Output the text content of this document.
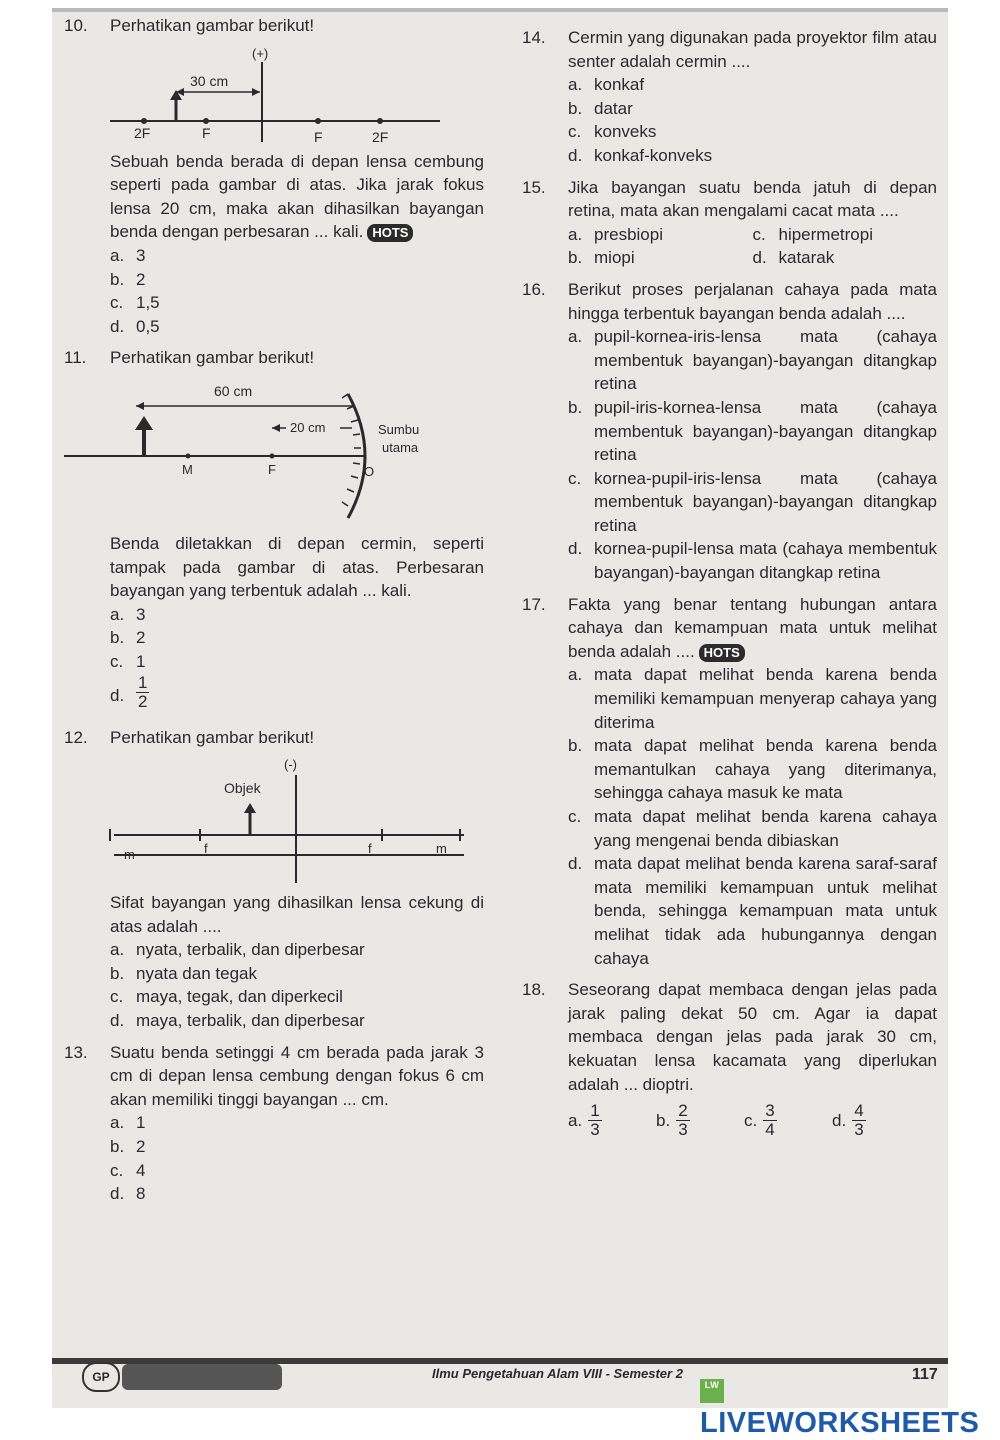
10. Perhatikan gambar berikut!
(+)
30 cm
2F	F	F	2F
Sebuah benda berada di depan lensa cembung seperti pada gambar di atas. Jika jarak fokus lensa 20 cm, maka akan dihasilkan bayangan benda dengan perbesaran ... kali. HOTS
a. 3
b. 2
c. 1,5
d. 0,5
11. Perhatikan gambar berikut!
60 cm
20 cm	Sumbu
utama
M	F	O
Benda diletakkan di depan cermin, seperti tampak pada gambar di atas. Perbesaran bayangan yang terbentuk adalah ... kali.
a. 3
b. 2
c. 1
d. $\frac{1}{2}$
12. Perhatikan gambar berikut!
(-)
Objek
m	f	f	m
Sifat bayangan yang dihasilkan lensa cekung di atas adalah ....
a. nyata, terbalik, dan diperbesar
b. nyata dan tegak
c. maya, tegak, dan diperkecil
d. maya, terbalik, dan diperbesar
13. Suatu benda setinggi 4 cm berada pada jarak 3 cm di depan lensa cembung dengan fokus 6 cm akan memiliki tinggi bayangan ... cm.
a. 1
b. 2
c. 4
d. 8
14. Cermin yang digunakan pada proyektor film atau senter adalah cermin ....
a. konkaf
b. datar
c. konveks
d. konkaf-konveks
15. Jika bayangan suatu benda jatuh di depan retina, mata akan mengalami cacat mata ....
a. presbiopi	c. hipermetropi
b. miopi	d. katarak
16. Berikut proses perjalanan cahaya pada mata hingga terbentuk bayangan benda adalah ....
a. pupil-kornea-iris-lensa mata (cahaya membentuk bayangan)-bayangan ditangkap retina
b. pupil-iris-kornea-lensa mata (cahaya membentuk bayangan)-bayangan ditangkap retina
c. kornea-pupil-iris-lensa mata (cahaya membentuk bayangan)-bayangan ditangkap retina
d. kornea-pupil-lensa mata (cahaya membentuk bayangan)-bayangan ditangkap retina
17. Fakta yang benar tentang hubungan antara cahaya dan kemampuan mata untuk melihat benda adalah .... HOTS
a. mata dapat melihat benda karena benda memiliki kemampuan menyerap cahaya yang diterima
b. mata dapat melihat benda karena benda memantulkan cahaya yang diterimanya, sehingga cahaya masuk ke mata
c. mata dapat melihat benda karena cahaya yang mengenai benda dibiaskan
d. mata dapat melihat benda karena saraf-saraf mata memiliki kemampuan untuk melihat benda, sehingga kemampuan mata untuk melihat tidak ada hubungannya dengan cahaya
18. Seseorang dapat membaca dengan jelas pada jarak paling dekat 50 cm. Agar ia dapat membaca dengan jelas pada jarak 30 cm, kekuatan lensa kacamata yang diperlukan adalah ... dioptri.
a. $\frac{1}{3}$	b. $\frac{2}{3}$	c. $\frac{3}{4}$	d. $\frac{4}{3}$
GP	Ilmu Pengetahuan Alam VIII - Semester 2	117
LWLIVEWORKSHEETS
